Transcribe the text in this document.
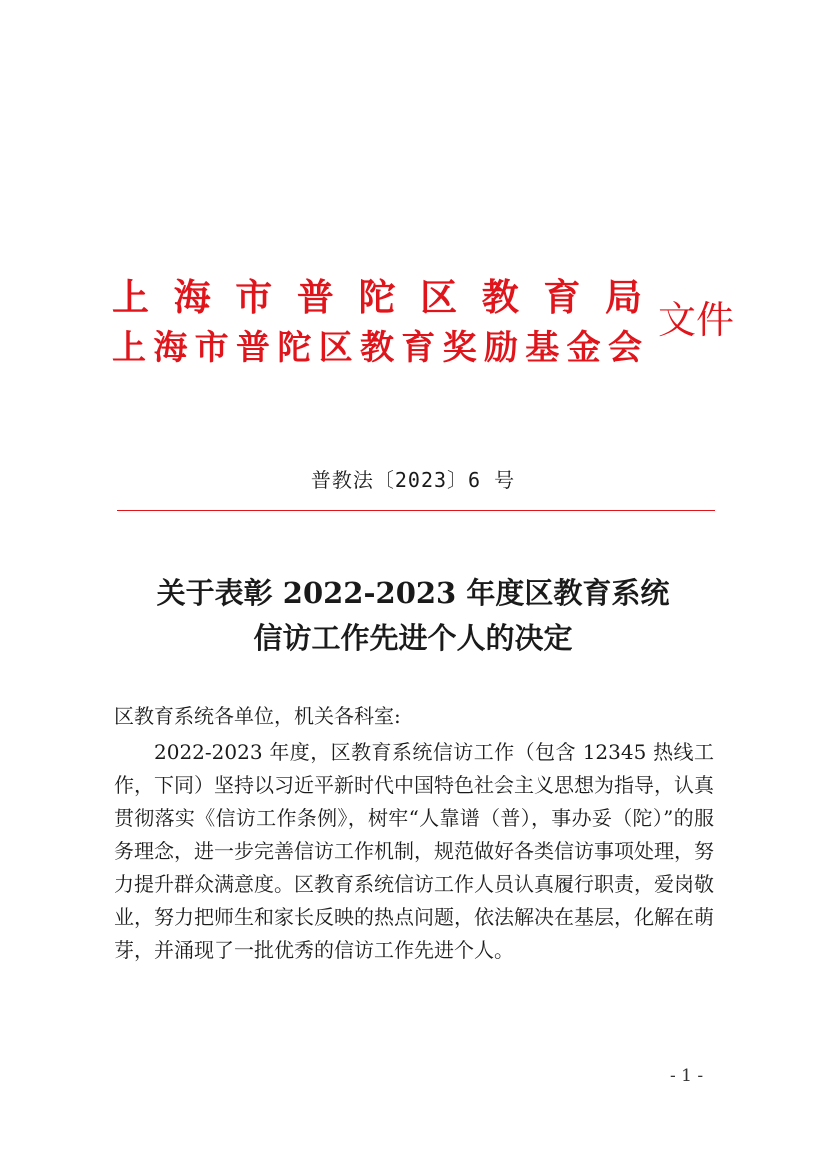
上 海 市 普 陀 区 教 育 局
上 海 市 普 陀 区 教 育 奖 励 基 金 会
文件
普教法〔2023〕6 号
关于表彰 2022-2023 年度区教育系统
信访工作先进个人的决定
区教育系统各单位，机关各科室:
2022-2023 年度，区教育系统信访工作（包含 12345 热线工作，下同）坚持以习近平新时代中国特色社会主义思想为指导，认真贯彻落实《信访工作条例》，树牢“人靠谱（普），事办妥（陀）”的服务理念，进一步完善信访工作机制，规范做好各类信访事项处理，努力提升群众满意度。区教育系统信访工作人员认真履行职责，爱岗敬业，努力把师生和家长反映的热点问题，依法解决在基层，化解在萌芽，并涌现了一批优秀的信访工作先进个人。
- 1 -
